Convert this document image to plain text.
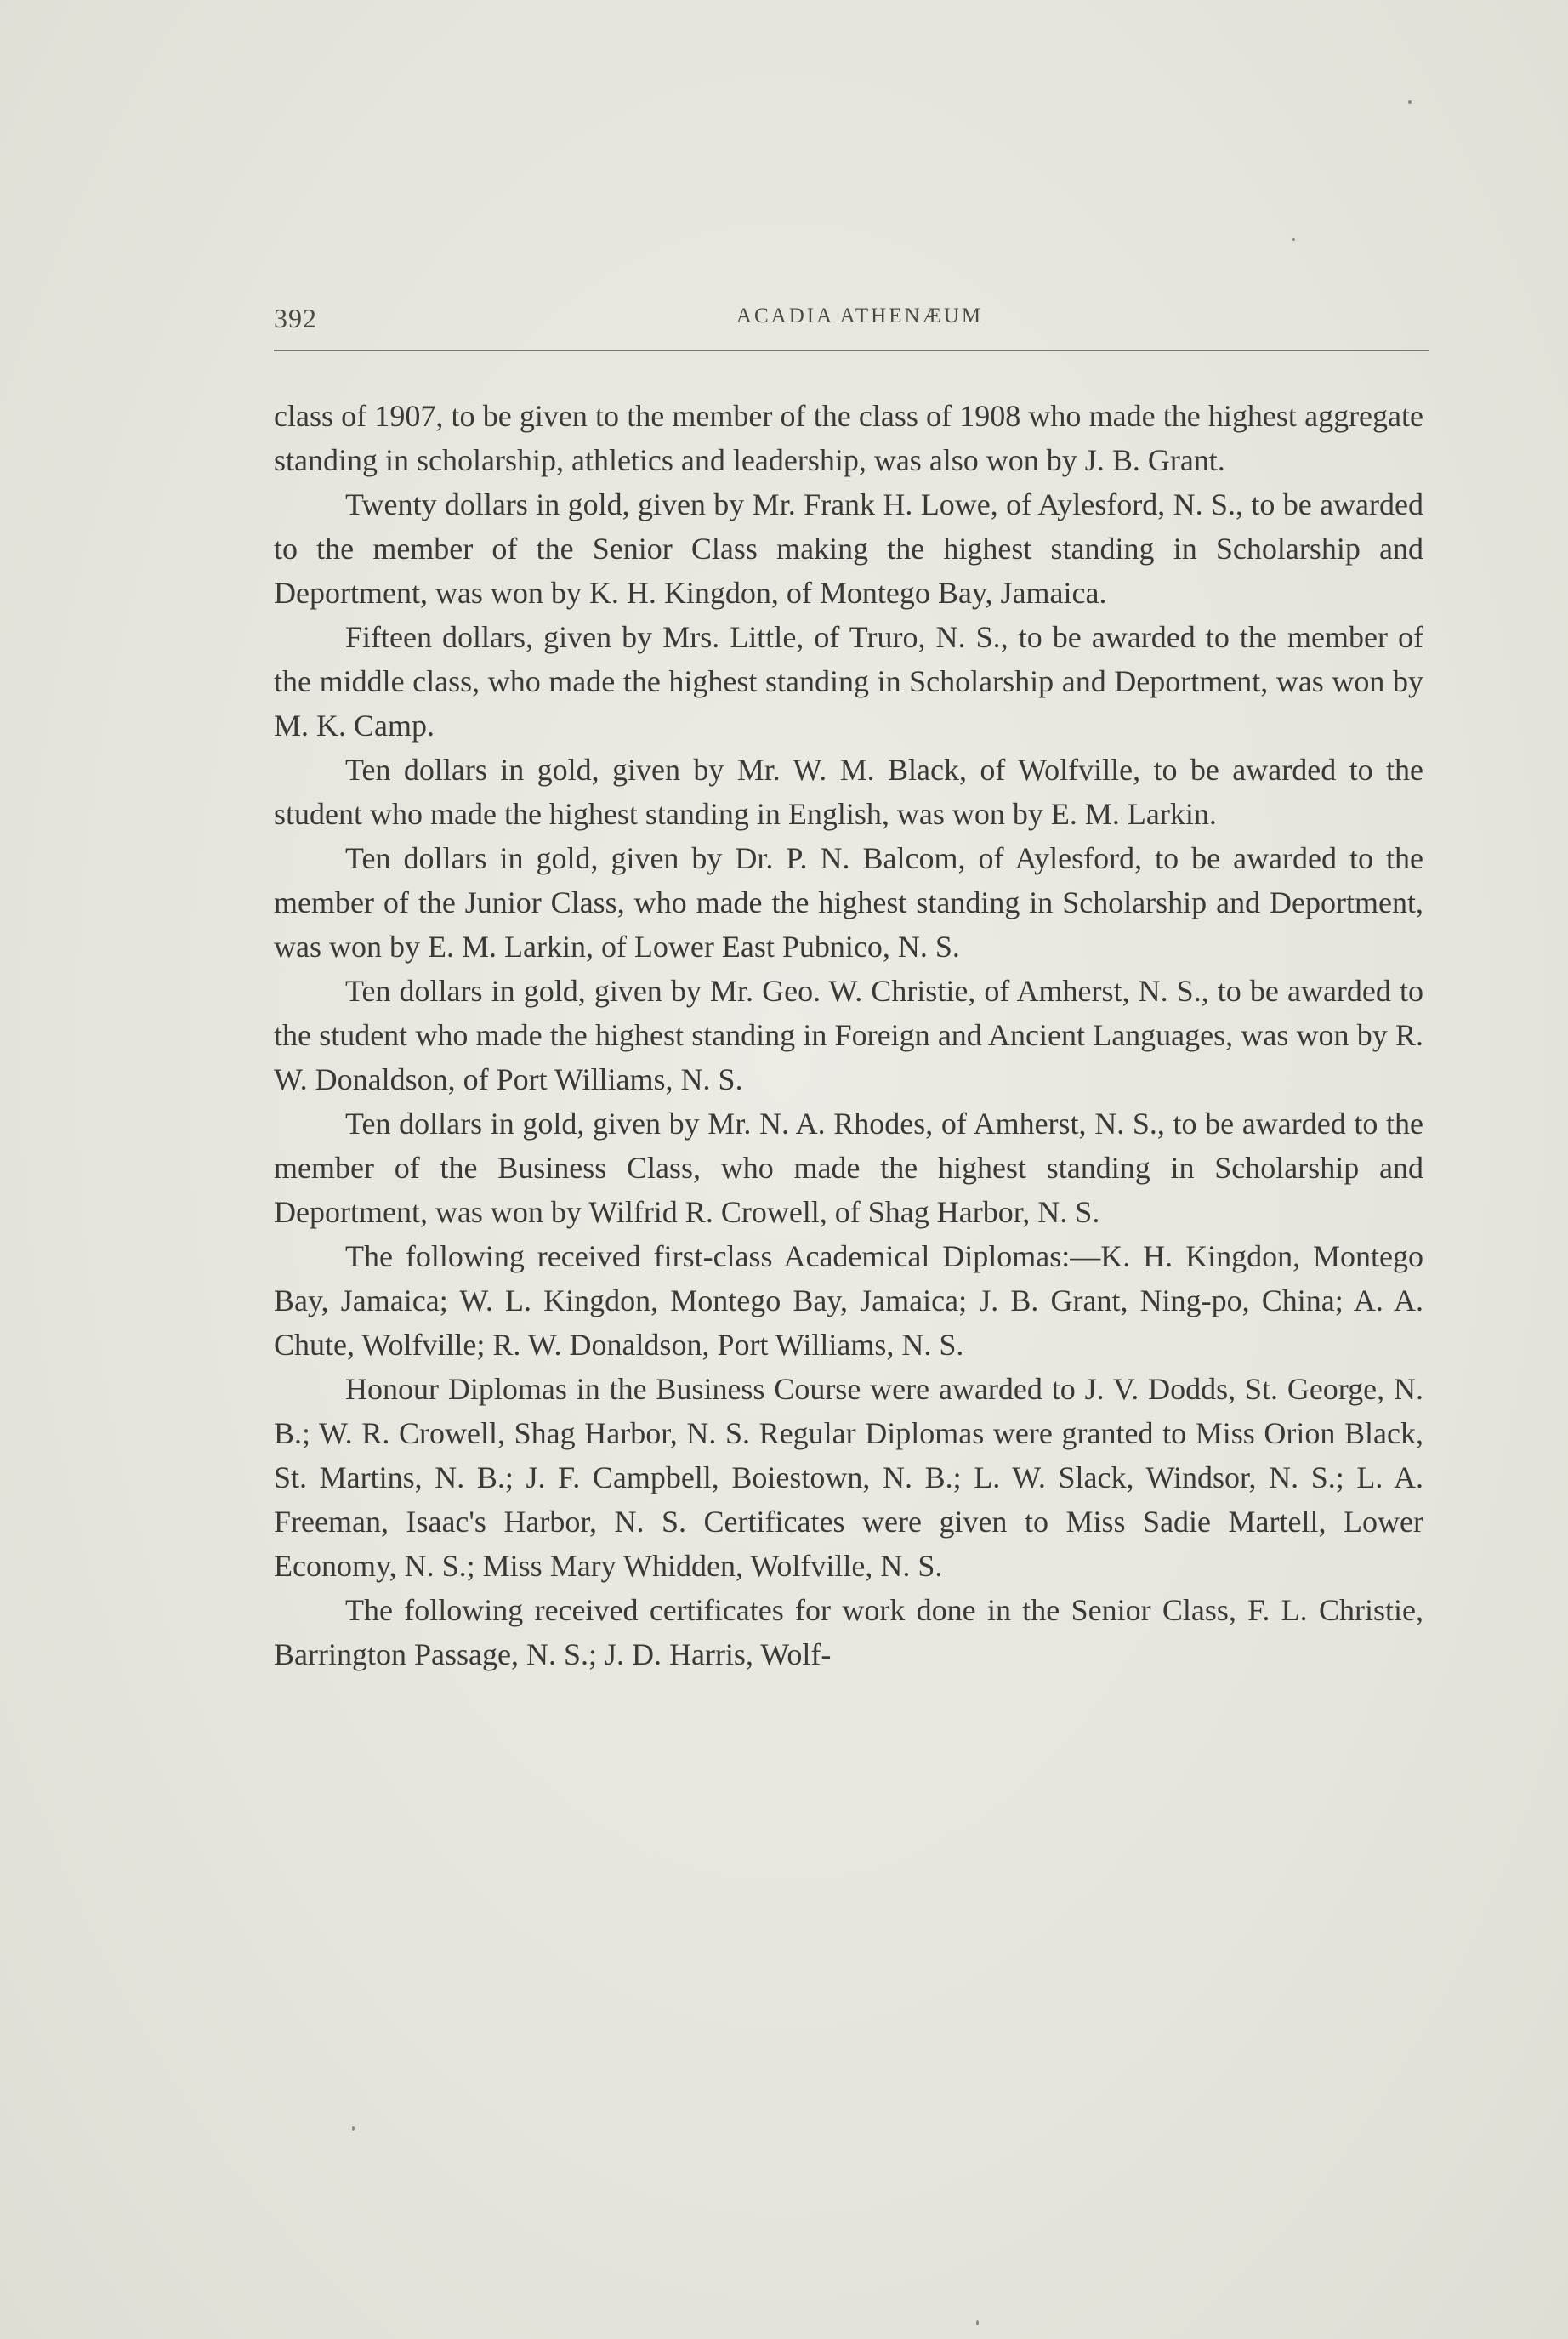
392	ACADIA ATHENÆUM

class of 1907, to be given to the member of the class of 1908 who made the highest aggregate standing in scholarship, athletics and leadership, was also won by J. B. Grant.

Twenty dollars in gold, given by Mr. Frank H. Lowe, of Aylesford, N. S., to be awarded to the member of the Senior Class making the highest standing in Scholarship and Deportment, was won by K. H. Kingdon, of Montego Bay, Jamaica.

Fifteen dollars, given by Mrs. Little, of Truro, N. S., to be awarded to the member of the middle class, who made the highest standing in Scholarship and Deportment, was won by M. K. Camp.

Ten dollars in gold, given by Mr. W. M. Black, of Wolfville, to be awarded to the student who made the highest standing in English, was won by E. M. Larkin.

Ten dollars in gold, given by Dr. P. N. Balcom, of Aylesford, to be awarded to the member of the Junior Class, who made the highest standing in Scholarship and Deportment, was won by E. M. Larkin, of Lower East Pubnico, N. S.

Ten dollars in gold, given by Mr. Geo. W. Christie, of Amherst, N. S., to be awarded to the student who made the highest standing in Foreign and Ancient Languages, was won by R. W. Donaldson, of Port Williams, N. S.

Ten dollars in gold, given by Mr. N. A. Rhodes, of Amherst, N. S., to be awarded to the member of the Business Class, who made the highest standing in Scholarship and Deportment, was won by Wilfrid R. Crowell, of Shag Harbor, N. S.

The following received first-class Academical Diplomas:—K. H. Kingdon, Montego Bay, Jamaica; W. L. Kingdon, Montego Bay, Jamaica; J. B. Grant, Ning-po, China; A. A. Chute, Wolfville; R. W. Donaldson, Port Williams, N. S.

Honour Diplomas in the Business Course were awarded to J. V. Dodds, St. George, N. B.; W. R. Crowell, Shag Harbor, N. S. Regular Diplomas were granted to Miss Orion Black, St. Martins, N. B.; J. F. Campbell, Boiestown, N. B.; L. W. Slack, Windsor, N. S.; L. A. Freeman, Isaac's Harbor, N. S. Certificates were given to Miss Sadie Martell, Lower Economy, N. S.; Miss Mary Whidden, Wolfville, N. S.

The following received certificates for work done in the Senior Class, F. L. Christie, Barrington Passage, N. S.; J. D. Harris, Wolf-
